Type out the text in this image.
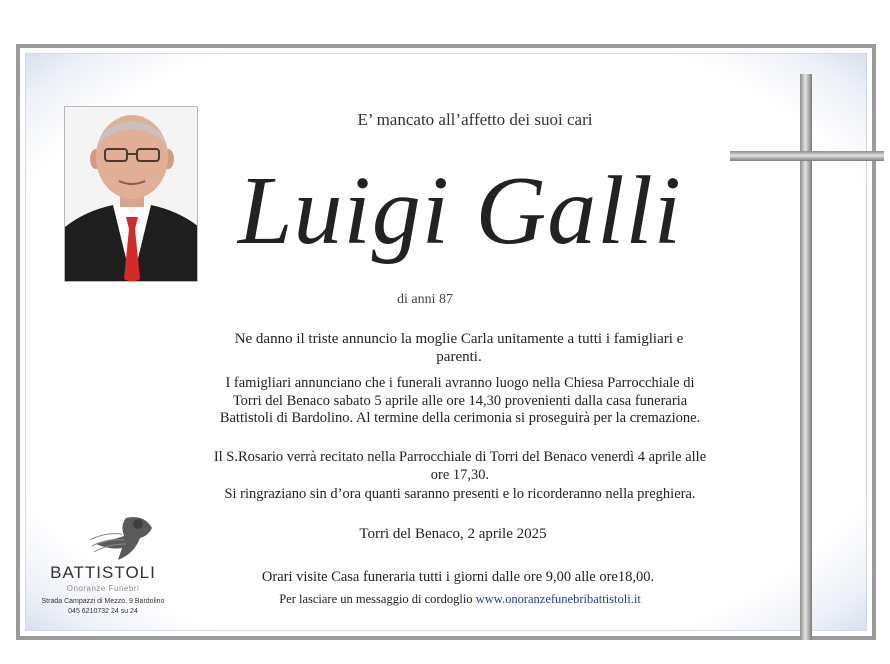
E’ mancato all’affetto dei suoi cari
Luigi Galli
di anni 87
Ne danno il triste annuncio la moglie Carla unitamente a tutti i famigliari e parenti.
I famigliari annunciano che i funerali avranno luogo nella Chiesa Parrocchiale di Torri del Benaco sabato 5 aprile alle ore 14,30 provenienti dalla casa funeraria Battistoli di Bardolino. Al termine della cerimonia si proseguirà per la cremazione.
Il S.Rosario verrà recitato nella Parrocchiale di Torri del Benaco venerdì 4 aprile alle ore 17,30.
Si ringraziano sin d’ora quanti saranno presenti e lo ricorderanno nella preghiera.
Torri del Benaco, 2 aprile 2025
Orari visite Casa funeraria tutti i giorni dalle ore 9,00 alle ore18,00.
Per lasciare un messaggio di cordoglio www.onoranzefunebribattistoli.it
BATTISTOLI
Onoranze Funebri
Strada Campazzi di Mezzo, 9 Bardolino
045 6210732 24 su 24
